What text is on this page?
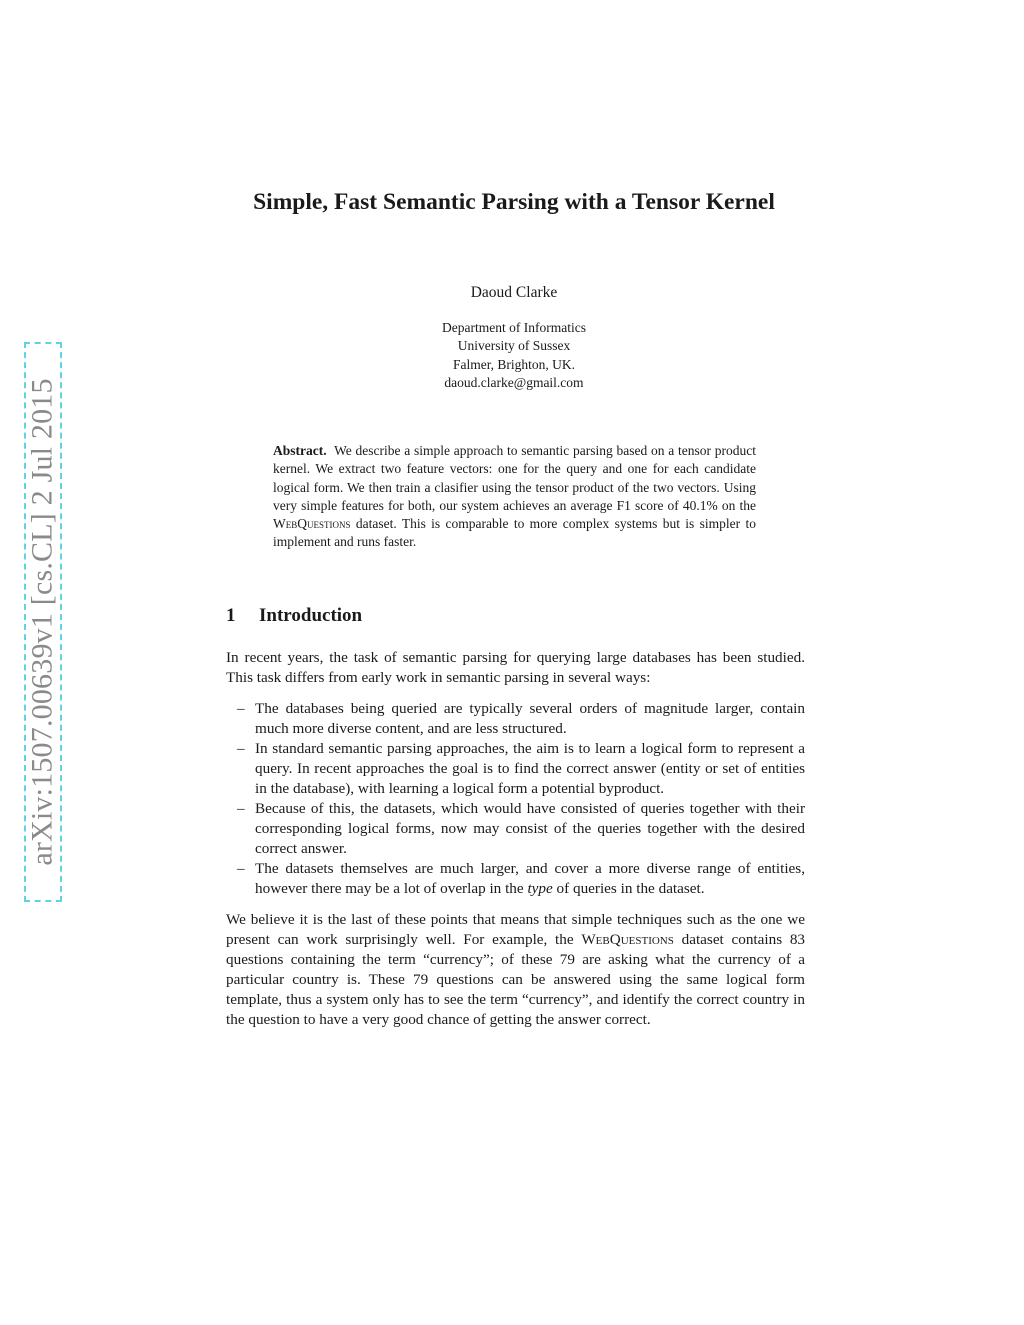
arXiv:1507.00639v1 [cs.CL] 2 Jul 2015
Simple, Fast Semantic Parsing with a Tensor Kernel
Daoud Clarke
Department of Informatics
University of Sussex
Falmer, Brighton, UK.
daoud.clarke@gmail.com
Abstract. We describe a simple approach to semantic parsing based on a tensor product kernel. We extract two feature vectors: one for the query and one for each candidate logical form. We then train a clasifier using the tensor product of the two vectors. Using very simple features for both, our system achieves an average F1 score of 40.1% on the WebQuestions dataset. This is comparable to more complex systems but is simpler to implement and runs faster.
1 Introduction

In recent years, the task of semantic parsing for querying large databases has been studied. This task differs from early work in semantic parsing in several ways:

– The databases being queried are typically several orders of magnitude larger, contain much more diverse content, and are less structured.
– In standard semantic parsing approaches, the aim is to learn a logical form to represent a query. In recent approaches the goal is to find the correct answer (entity or set of entities in the database), with learning a logical form a potential byproduct.
– Because of this, the datasets, which would have consisted of queries together with their corresponding logical forms, now may consist of the queries together with the desired correct answer.
– The datasets themselves are much larger, and cover a more diverse range of entities, however there may be a lot of overlap in the type of queries in the dataset.

We believe it is the last of these points that means that simple techniques such as the one we present can work surprisingly well. For example, the WebQuestions dataset contains 83 questions containing the term “currency”; of these 79 are asking what the currency of a particular country is. These 79 questions can be answered using the same logical form template, thus a system only has to see the term “currency”, and identify the correct country in the question to have a very good chance of getting the answer correct.
